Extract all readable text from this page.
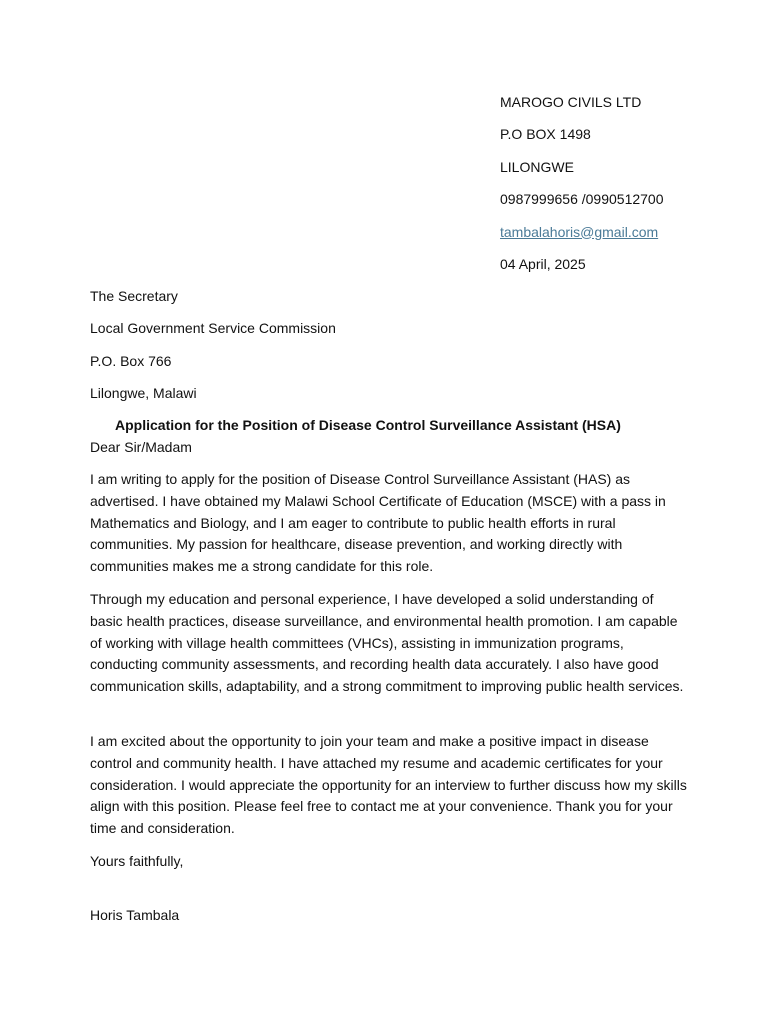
MAROGO CIVILS LTD
P.O BOX 1498
LILONGWE
0987999656 /0990512700
tambalahoris@gmail.com
04 April, 2025
The Secretary
Local Government Service Commission
P.O. Box 766
Lilongwe, Malawi
Application for the Position of Disease Control Surveillance Assistant (HSA)
Dear Sir/Madam

I am writing to apply for the position of Disease Control Surveillance Assistant (HAS) as advertised. I have obtained my Malawi School Certificate of Education (MSCE) with a pass in Mathematics and Biology, and I am eager to contribute to public health efforts in rural communities. My passion for healthcare, disease prevention, and working directly with communities makes me a strong candidate for this role.

Through my education and personal experience, I have developed a solid understanding of basic health practices, disease surveillance, and environmental health promotion. I am capable of working with village health committees (VHCs), assisting in immunization programs, conducting community assessments, and recording health data accurately. I also have good communication skills, adaptability, and a strong commitment to improving public health services.

I am excited about the opportunity to join your team and make a positive impact in disease control and community health. I have attached my resume and academic certificates for your consideration. I would appreciate the opportunity for an interview to further discuss how my skills align with this position. Please feel free to contact me at your convenience. Thank you for your time and consideration.

Yours faithfully,
Horis Tambala
